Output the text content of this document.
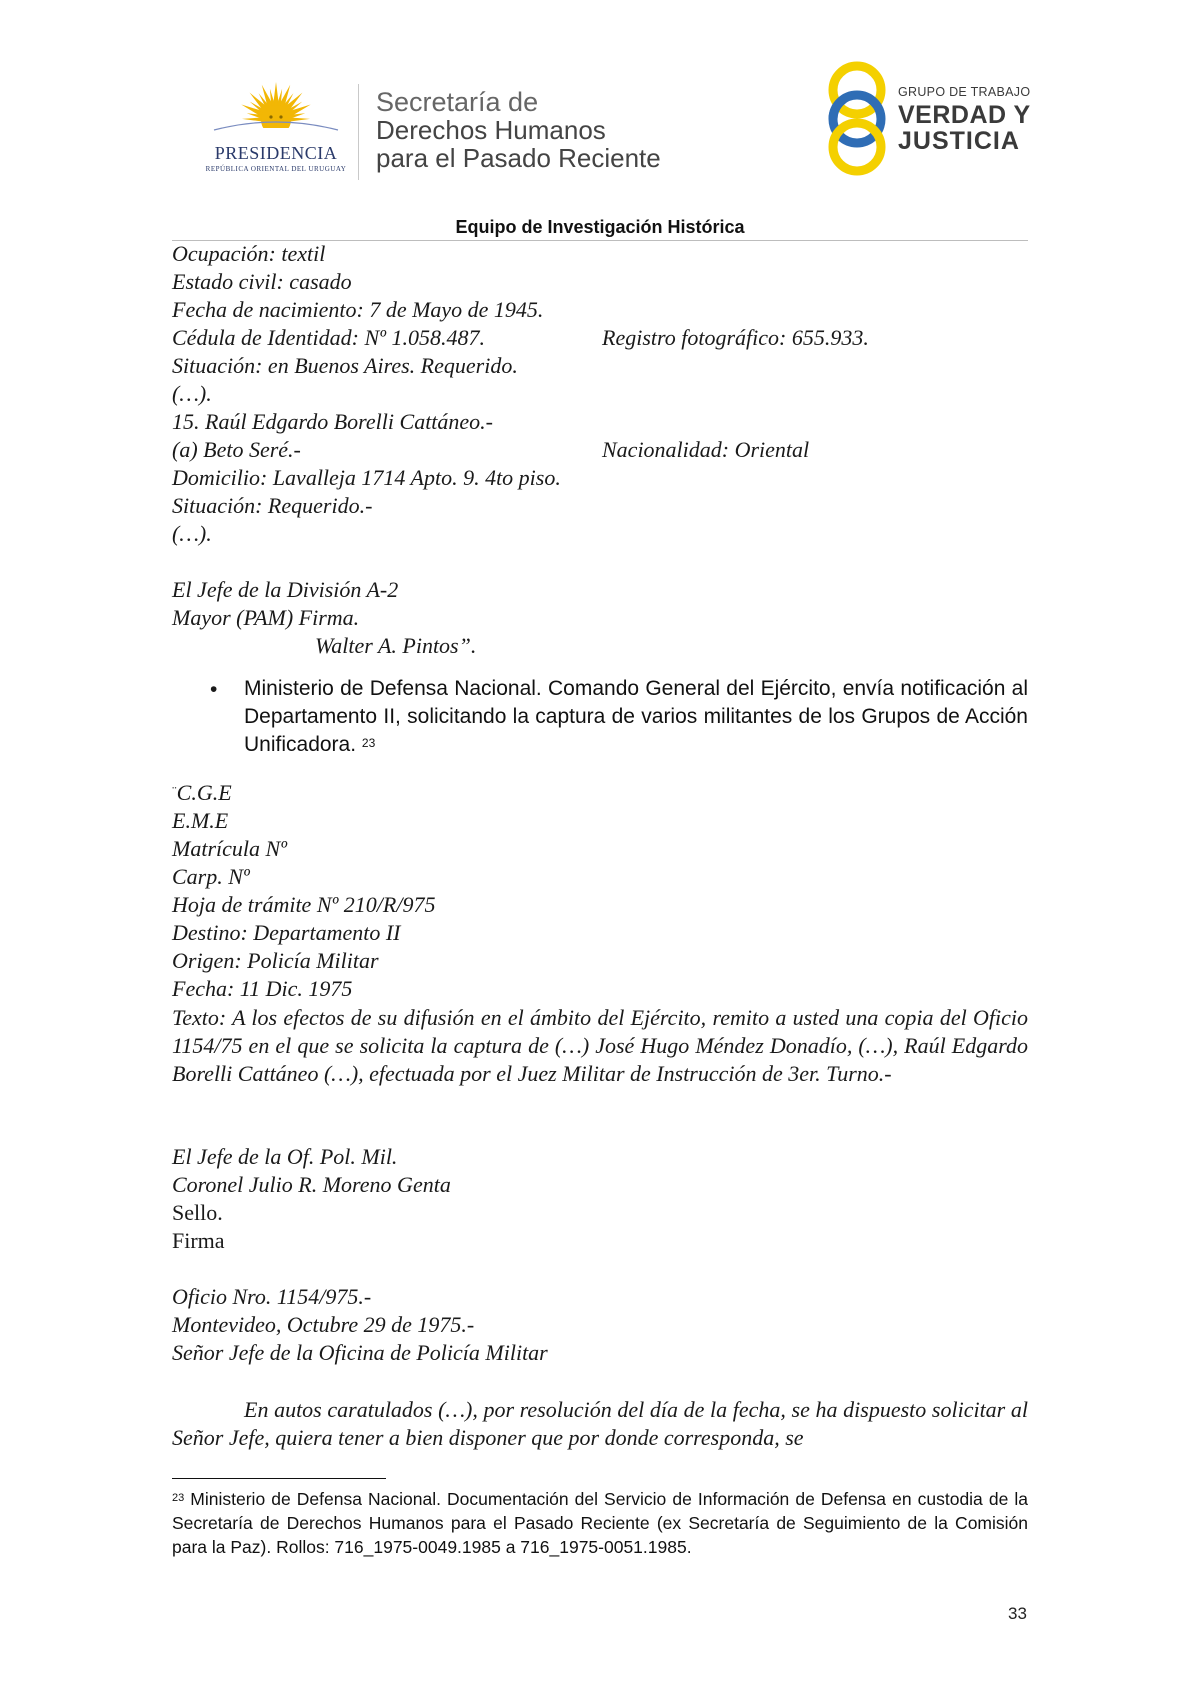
PRESIDENCIA
REPÚBLICA ORIENTAL DEL URUGUAY
Secretaría de
Derechos Humanos
para el Pasado Reciente
GRUPO DE TRABAJO
VERDAD Y
JUSTICIA
Equipo de Investigación Histórica
Ocupación: textil
Estado civil: casado
Fecha de nacimiento: 7 de Mayo de 1945.
Cédula de Identidad: Nº 1.058.487.	Registro fotográfico: 655.933.
Situación: en Buenos Aires. Requerido.
(…).
15. Raúl Edgardo Borelli Cattáneo.-
(a) Beto Seré.-	Nacionalidad: Oriental
Domicilio: Lavalleja 1714 Apto. 9. 4to piso.
Situación: Requerido.-
(…).
El Jefe de la División A-2
Mayor (PAM) Firma.
Walter A. Pintos”.
• Ministerio de Defensa Nacional. Comando General del Ejército, envía notificación al Departamento II, solicitando la captura de varios militantes de los Grupos de Acción Unificadora. $^{23}$
¨C.G.E
E.M.E
Matrícula Nº
Carp. Nº
Hoja de trámite Nº 210/R/975
Destino: Departamento II
Origen: Policía Militar
Fecha: 11 Dic. 1975
Texto: A los efectos de su difusión en el ámbito del Ejército, remito a usted una copia del Oficio 1154/75 en el que se solicita la captura de (…) José Hugo Méndez Donadío, (…), Raúl Edgardo Borelli Cattáneo (…), efectuada por el Juez Militar de Instrucción de 3er. Turno.-
El Jefe de la Of. Pol. Mil.
Coronel Julio R. Moreno Genta
Sello.
Firma
Oficio Nro. 1154/975.-
Montevideo, Octubre 29 de 1975.-
Señor Jefe de la Oficina de Policía Militar
En autos caratulados (…), por resolución del día de la fecha, se ha dispuesto solicitar al Señor Jefe, quiera tener a bien disponer que por donde corresponda, se
$^{23}$ Ministerio de Defensa Nacional. Documentación del Servicio de Información de Defensa en custodia de la Secretaría de Derechos Humanos para el Pasado Reciente (ex Secretaría de Seguimiento de la Comisión para la Paz). Rollos: 716_1975-0049.1985 a 716_1975-0051.1985.
33
